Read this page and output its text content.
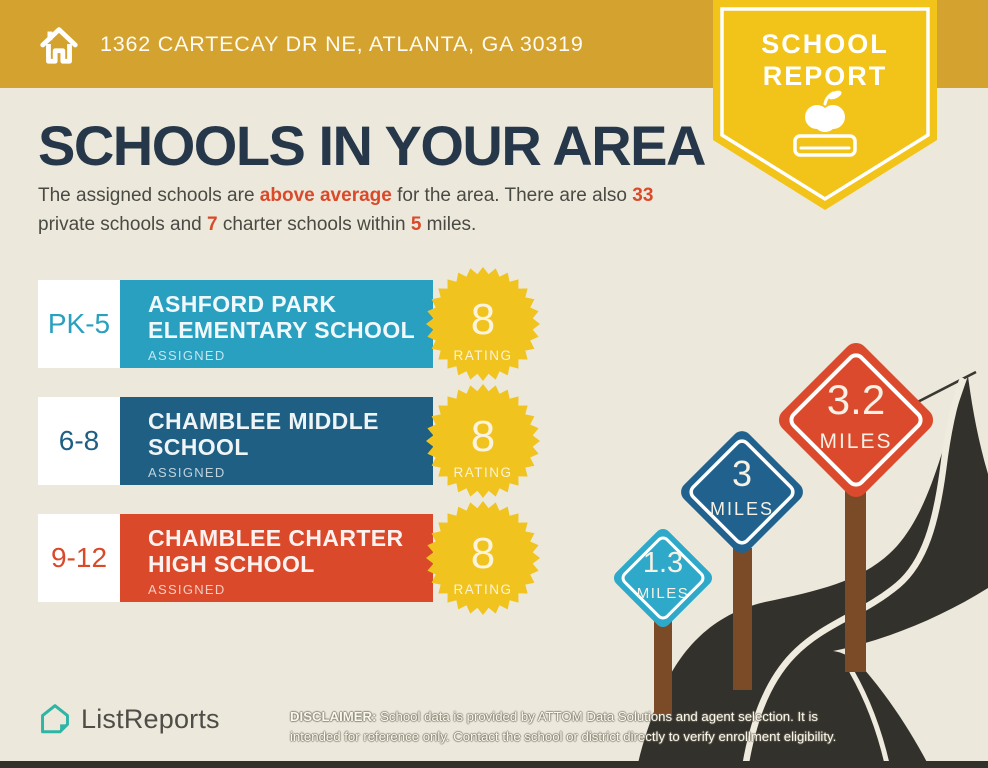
1.3
MILES
3
MILES
3.2
MILES
1362 CARTECAY DR NE, ATLANTA, GA 30319	SCHOOL
REPORT
SCHOOLS IN YOUR AREA
The assigned schools are above average for the area. There are also 33 private schools and 7 charter schools within 5 miles.
PK-5
ASHFORD PARK
ELEMENTARY SCHOOL
ASSIGNED
8
RATING
6-8
CHAMBLEE MIDDLE
SCHOOL
ASSIGNED
8
RATING
9-12
CHAMBLEE CHARTER
HIGH SCHOOL
ASSIGNED
8
RATING
ListReports	DISCLAIMER: School data is provided by ATTOM Data Solutions and agent selection. It is intended for reference only. Contact the school or district directly to verify enrollment eligibility.
